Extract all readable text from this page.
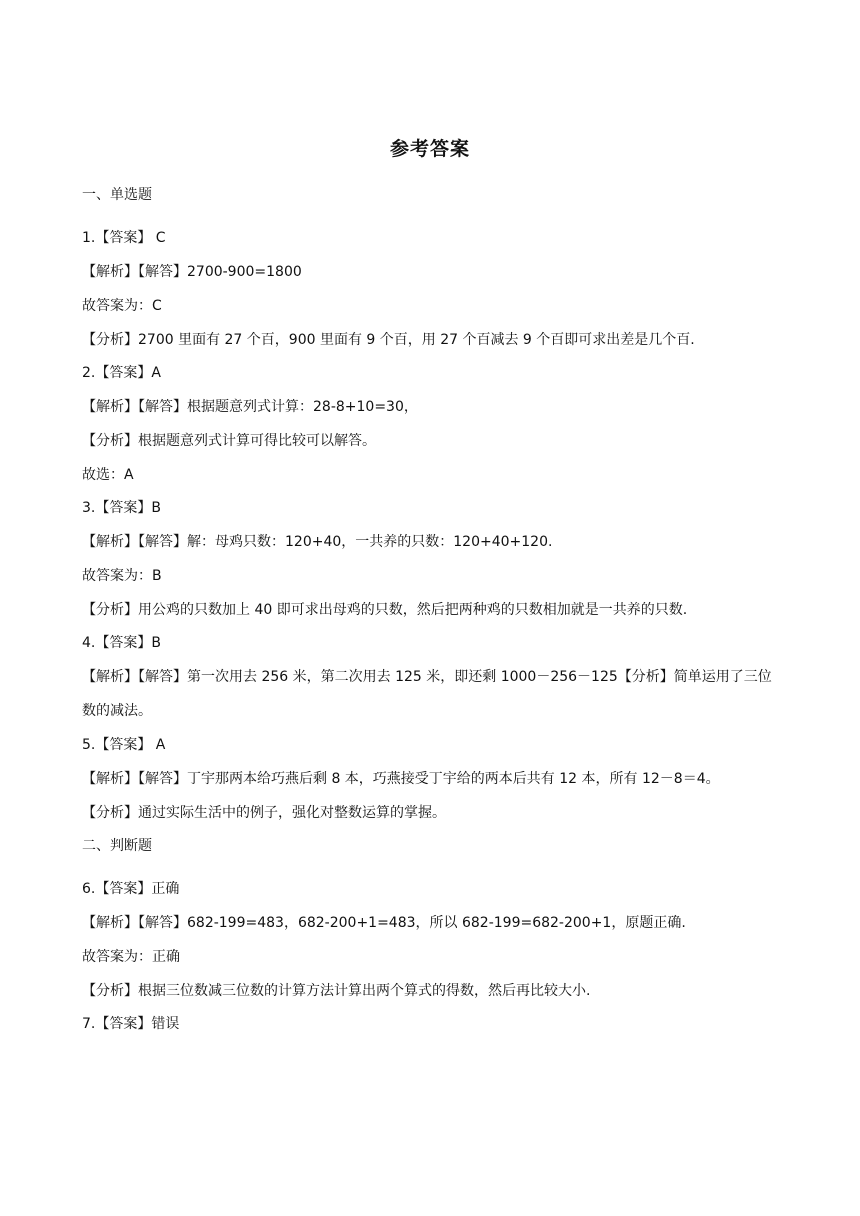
参考答案
一、单选题
1.【答案】 C
【解析】【解答】2700-900=1800
故答案为：C
【分析】2700 里面有 27 个百，900 里面有 9 个百，用 27 个百减去 9 个百即可求出差是几个百.
2.【答案】A
【解析】【解答】根据题意列式计算：28-8+10=30，
【分析】根据题意列式计算可得比较可以解答。
故选：A
3.【答案】B
【解析】【解答】解：母鸡只数：120+40，一共养的只数：120+40+120.
故答案为：B
【分析】用公鸡的只数加上 40 即可求出母鸡的只数，然后把两种鸡的只数相加就是一共养的只数.
4.【答案】B
【解析】【解答】第一次用去 256 米，第二次用去 125 米，即还剩 1000－256－125【分析】简单运用了三位数的减法。
5.【答案】 A
【解析】【解答】丁宇那两本给巧燕后剩 8 本，巧燕接受丁宇给的两本后共有 12 本，所有 12－8＝4。
【分析】通过实际生活中的例子，强化对整数运算的掌握。
二、判断题
6.【答案】正确
【解析】【解答】682-199=483，682-200+1=483，所以 682-199=682-200+1，原题正确.
故答案为：正确
【分析】根据三位数减三位数的计算方法计算出两个算式的得数，然后再比较大小.
7.【答案】错误
